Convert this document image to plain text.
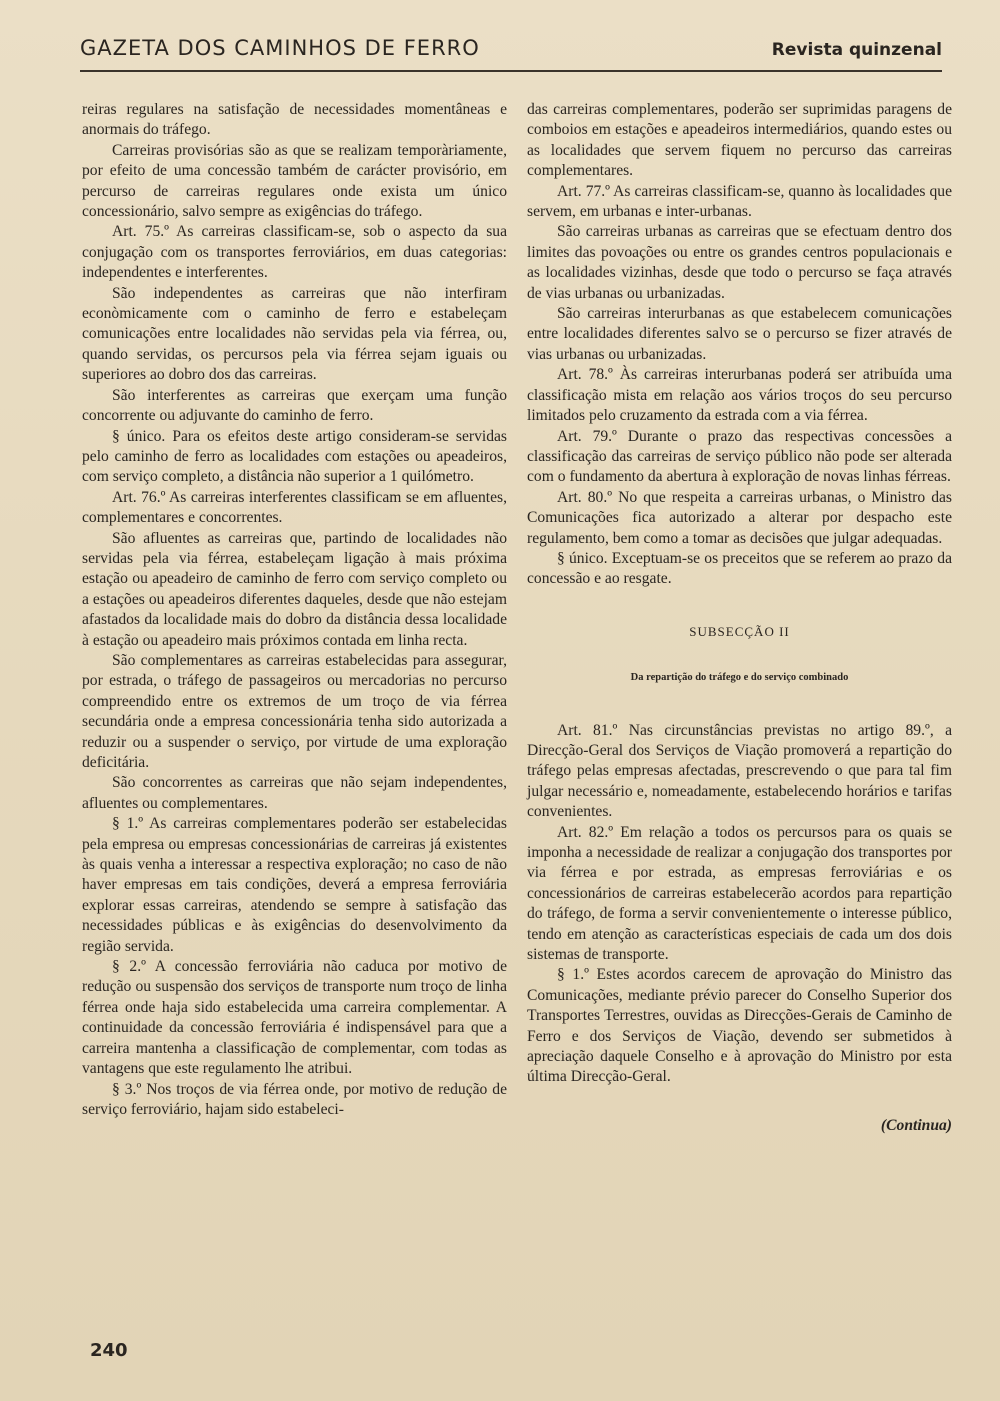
GAZETA DOS CAMINHOS DE FERRO	Revista quinzenal

reiras regulares na satisfação de necessidades momentâneas e anormais do tráfego.

Carreiras provisórias são as que se realizam temporàriamente, por efeito de uma concessão também de carácter provisório, em percurso de carreiras regulares onde exista um único concessionário, salvo sempre as exigências do tráfego.

Art. 75.º As carreiras classificam-se, sob o aspecto da sua conjugação com os transportes ferroviários, em duas categorias: independentes e interferentes.

São independentes as carreiras que não interfiram econòmicamente com o caminho de ferro e estabeleçam comunicações entre localidades não servidas pela via férrea, ou, quando servidas, os percursos pela via férrea sejam iguais ou superiores ao dobro dos das carreiras.

São interferentes as carreiras que exerçam uma função concorrente ou adjuvante do caminho de ferro.

§ único. Para os efeitos deste artigo consideram-se servidas pelo caminho de ferro as localidades com estações ou apeadeiros, com serviço completo, a distância não superior a 1 quilómetro.

Art. 76.º As carreiras interferentes classificam se em afluentes, complementares e concorrentes.

São afluentes as carreiras que, partindo de localidades não servidas pela via férrea, estabeleçam ligação à mais próxima estação ou apeadeiro de caminho de ferro com serviço completo ou a estações ou apeadeiros diferentes daqueles, desde que não estejam afastados da localidade mais do dobro da distância dessa localidade à estação ou apeadeiro mais próximos contada em linha recta.

São complementares as carreiras estabelecidas para assegurar, por estrada, o tráfego de passageiros ou mercadorias no percurso compreendido entre os extremos de um troço de via férrea secundária onde a empresa concessionária tenha sido autorizada a reduzir ou a suspender o serviço, por virtude de uma exploração deficitária.

São concorrentes as carreiras que não sejam independentes, afluentes ou complementares.

§ 1.º As carreiras complementares poderão ser estabelecidas pela empresa ou empresas concessionárias de carreiras já existentes às quais venha a interessar a respectiva exploração; no caso de não haver empresas em tais condições, deverá a empresa ferroviária explorar essas carreiras, atendendo se sempre à satisfação das necessidades públicas e às exigências do desenvolvimento da região servida.

§ 2.º A concessão ferroviária não caduca por motivo de redução ou suspensão dos serviços de transporte num troço de linha férrea onde haja sido estabelecida uma carreira complementar. A continuidade da concessão ferroviária é indispensável para que a carreira mantenha a classificação de complementar, com todas as vantagens que este regulamento lhe atribui.

§ 3.º Nos troços de via férrea onde, por motivo de redução de serviço ferroviário, hajam sido estabeleci-

das carreiras complementares, poderão ser suprimidas paragens de comboios em estações e apeadeiros intermediários, quando estes ou as localidades que servem fiquem no percurso das carreiras complementares.

Art. 77.º As carreiras classificam-se, quanno às localidades que servem, em urbanas e inter-urbanas.

São carreiras urbanas as carreiras que se efectuam dentro dos limites das povoações ou entre os grandes centros populacionais e as localidades vizinhas, desde que todo o percurso se faça através de vias urbanas ou urbanizadas.

São carreiras interurbanas as que estabelecem comunicações entre localidades diferentes salvo se o percurso se fizer através de vias urbanas ou urbanizadas.

Art. 78.º Às carreiras interurbanas poderá ser atribuída uma classificação mista em relação aos vários troços do seu percurso limitados pelo cruzamento da estrada com a via férrea.

Art. 79.º Durante o prazo das respectivas concessões a classificação das carreiras de serviço público não pode ser alterada com o fundamento da abertura à exploração de novas linhas férreas.

Art. 80.º No que respeita a carreiras urbanas, o Ministro das Comunicações fica autorizado a alterar por despacho este regulamento, bem como a tomar as decisões que julgar adequadas.

§ único. Exceptuam-se os preceitos que se referem ao prazo da concessão e ao resgate.

SUBSECÇÃO II
Da repartição do tráfego e do serviço combinado

Art. 81.º Nas circunstâncias previstas no artigo 89.º, a Direcção-Geral dos Serviços de Viação promoverá a repartição do tráfego pelas empresas afectadas, prescrevendo o que para tal fim julgar necessário e, nomeadamente, estabelecendo horários e tarifas convenientes.

Art. 82.º Em relação a todos os percursos para os quais se imponha a necessidade de realizar a conjugação dos transportes por via férrea e por estrada, as empresas ferroviárias e os concessionários de carreiras estabelecerão acordos para repartição do tráfego, de forma a servir convenientemente o interesse público, tendo em atenção as características especiais de cada um dos dois sistemas de transporte.

§ 1.º Estes acordos carecem de aprovação do Ministro das Comunicações, mediante prévio parecer do Conselho Superior dos Transportes Terrestres, ouvidas as Direcções-Gerais de Caminho de Ferro e dos Serviços de Viação, devendo ser submetidos à apreciação daquele Conselho e à aprovação do Ministro por esta última Direcção-Geral.

(Continua)
240
